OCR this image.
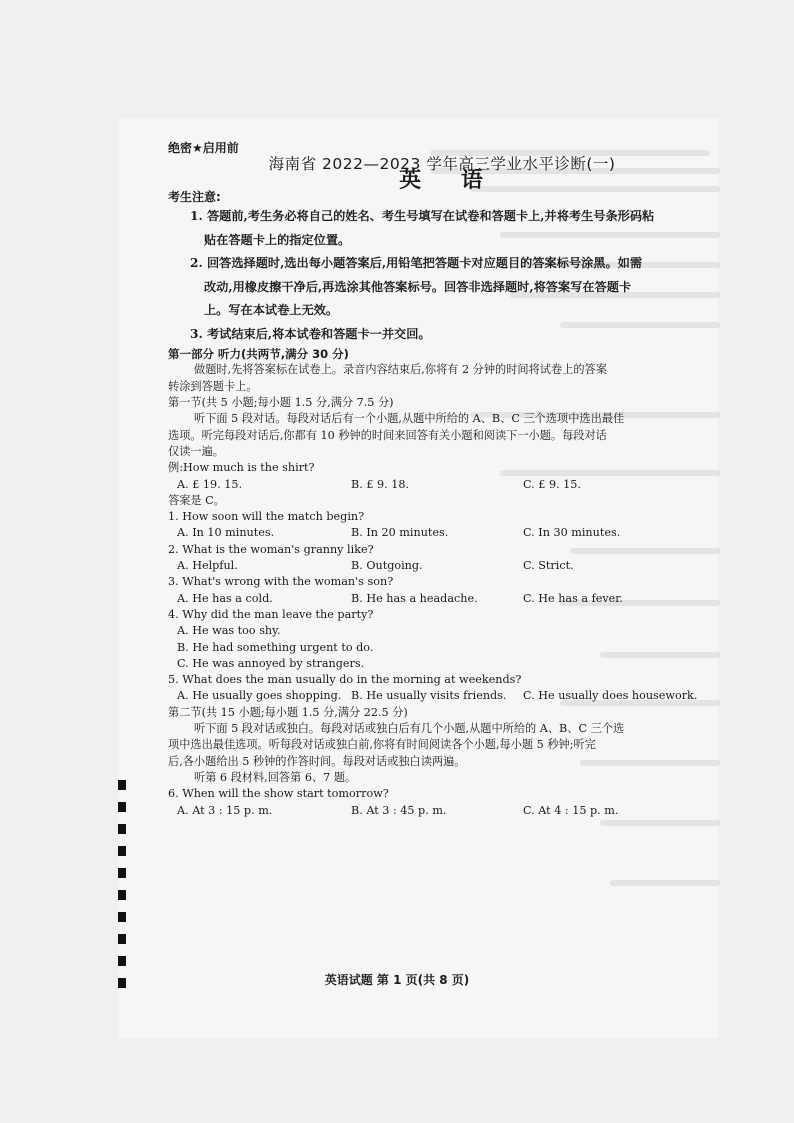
绝密★启用前
海南省 2022—2023 学年高三学业水平诊断(一)
英 语
考生注意:
1. 答题前,考生务必将自己的姓名、考生号填写在试卷和答题卡上,并将考生号条形码粘
贴在答题卡上的指定位置。
2. 回答选择题时,选出每小题答案后,用铅笔把答题卡对应题目的答案标号涂黑。如需
改动,用橡皮擦干净后,再选涂其他答案标号。回答非选择题时,将答案写在答题卡
上。写在本试卷上无效。
3. 考试结束后,将本试卷和答题卡一并交回。
第一部分 听力(共两节,满分 30 分)
做题时,先将答案标在试卷上。录音内容结束后,你将有 2 分钟的时间将试卷上的答案
转涂到答题卡上。
第一节(共 5 小题;每小题 1.5 分,满分 7.5 分)
听下面 5 段对话。每段对话后有一个小题,从题中所给的 A、B、C 三个选项中选出最佳
选项。听完每段对话后,你都有 10 秒钟的时间来回答有关小题和阅读下一小题。每段对话
仅读一遍。
例:How much is the shirt?
A. £ 19. 15.	B. £ 9. 18.	C. £ 9. 15.
答案是 C。
1. How soon will the match begin?
A. In 10 minutes.	B. In 20 minutes.	C. In 30 minutes.
2. What is the woman's granny like?
A. Helpful.	B. Outgoing.	C. Strict.
3. What's wrong with the woman's son?
A. He has a cold.	B. He has a headache.	C. He has a fever.
4. Why did the man leave the party?
A. He was too shy.
B. He had something urgent to do.
C. He was annoyed by strangers.
5. What does the man usually do in the morning at weekends?
A. He usually goes shopping. B. He usually visits friends.	C. He usually does housework.
第二节(共 15 小题;每小题 1.5 分,满分 22.5 分)
听下面 5 段对话或独白。每段对话或独白后有几个小题,从题中所给的 A、B、C 三个选
项中选出最佳选项。听每段对话或独白前,你将有时间阅读各个小题,每小题 5 秒钟;听完
后,各小题给出 5 秒钟的作答时间。每段对话或独白读两遍。
听第 6 段材料,回答第 6、7 题。
6. When will the show start tomorrow?
A. At 3 : 15 p. m.	B. At 3 : 45 p. m.	C. At 4 : 15 p. m.
英语试题 第 1 页(共 8 页)
